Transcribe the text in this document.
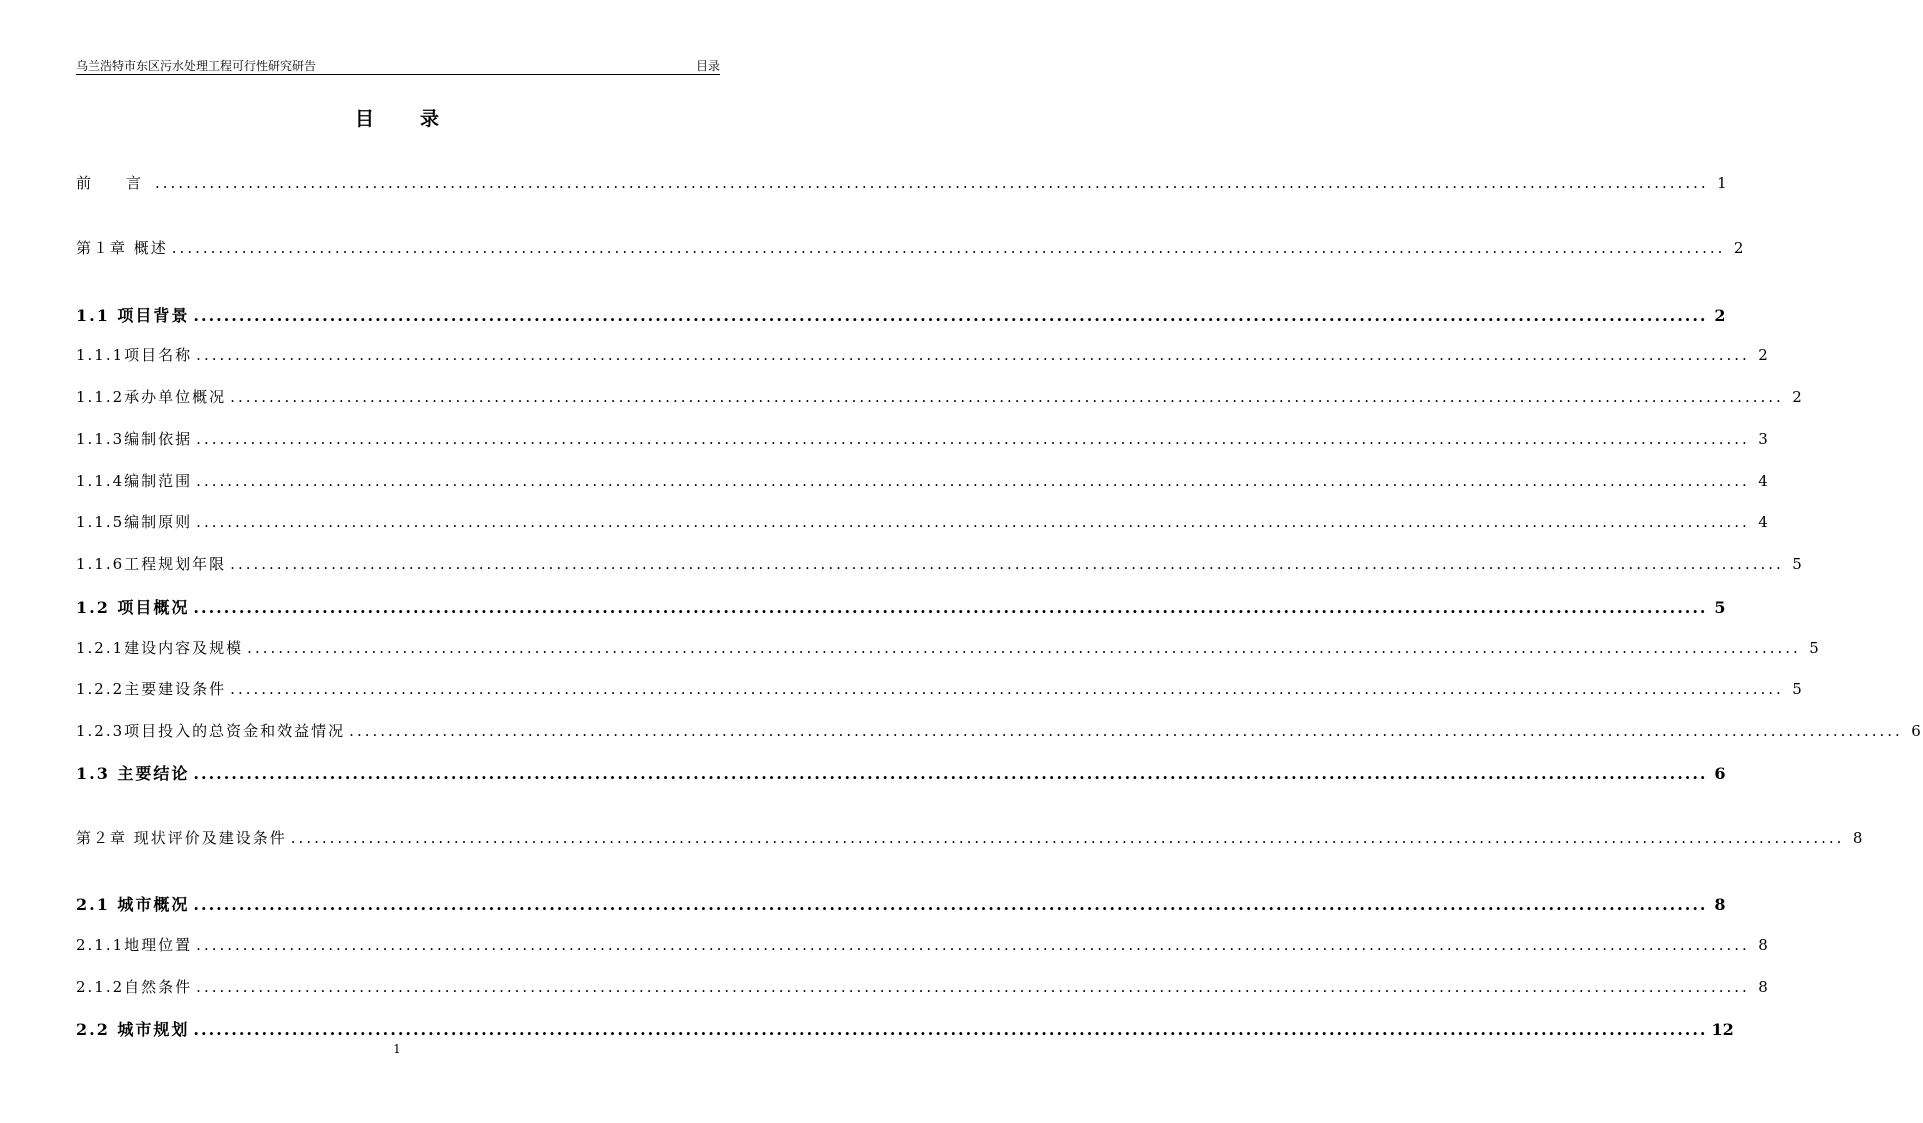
乌兰浩特市东区污水处理工程可行性研究研告	目录
目录
前　言 ........................................................................................................................................................................................................ 1
第１章 概述 ........................................................................................................................................................................................................ 2
1.1 项目背景 ........................................................................................................................................................................................................ 2
1.1.1项目名称 ........................................................................................................................................................................................................ 2
1.1.2承办单位概况 ........................................................................................................................................................................................................ 2
1.1.3编制依据 ........................................................................................................................................................................................................ 3
1.1.4编制范围 ........................................................................................................................................................................................................ 4
1.1.5编制原则 ........................................................................................................................................................................................................ 4
1.1.6工程规划年限 ........................................................................................................................................................................................................ 5
1.2 项目概况 ........................................................................................................................................................................................................ 5
1.2.1建设内容及规模 ........................................................................................................................................................................................................ 5
1.2.2主要建设条件 ........................................................................................................................................................................................................ 5
1.2.3项目投入的总资金和效益情况 ........................................................................................................................................................................................................ 6
1.3 主要结论 ........................................................................................................................................................................................................ 6
第２章 现状评价及建设条件 ........................................................................................................................................................................................................ 8
2.1 城市概况 ........................................................................................................................................................................................................ 8
2.1.1地理位置 ........................................................................................................................................................................................................ 8
2.1.2自然条件 ........................................................................................................................................................................................................ 8
2.2 城市规划 ........................................................................................................................................................................................................ 12
1
